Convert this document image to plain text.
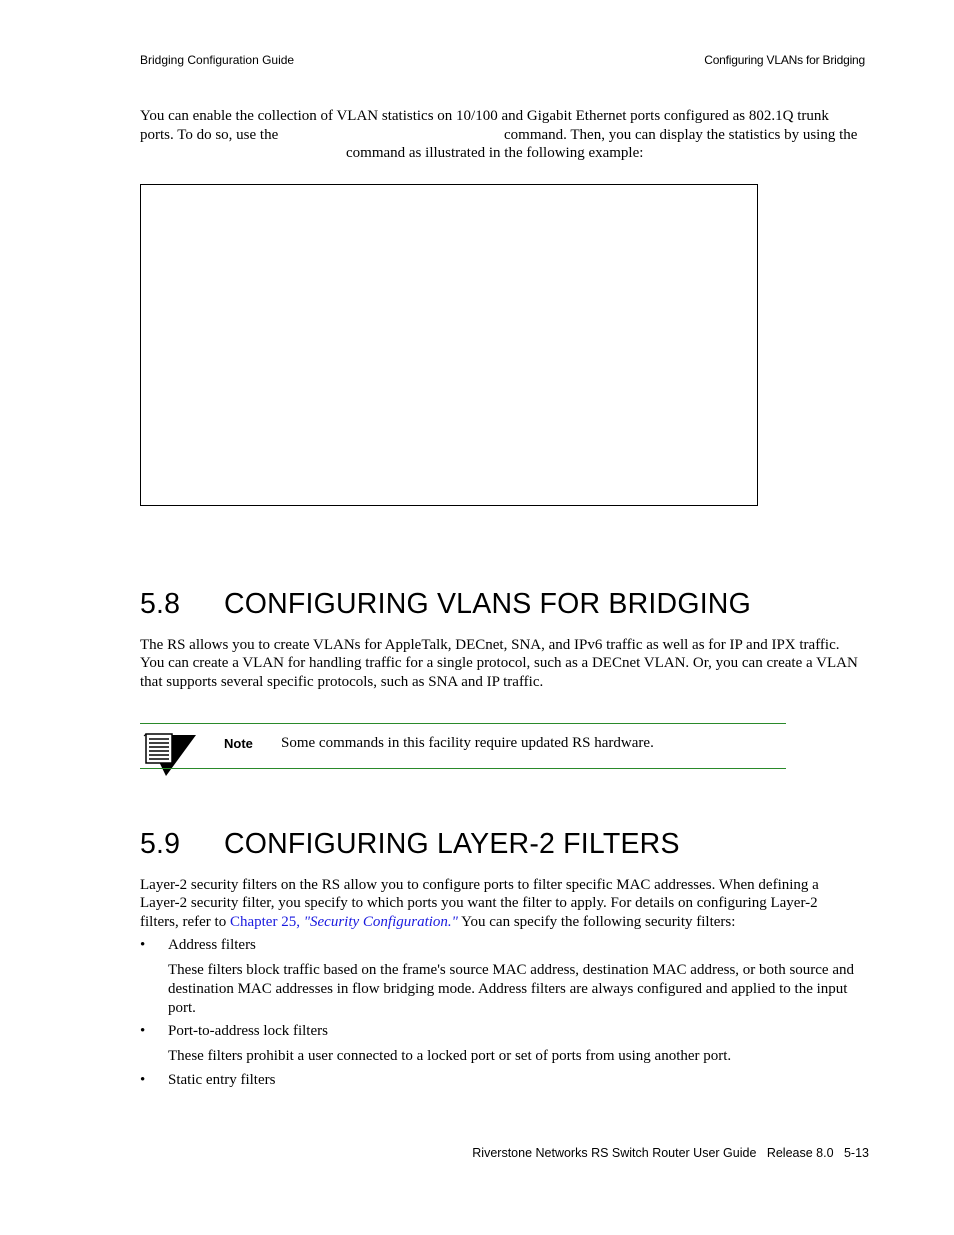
Bridging Configuration Guide	Configuring VLANs for Bridging
You can enable the collection of VLAN statistics on 10/100 and Gigabit Ethernet ports configured as 802.1Q trunk
ports. To do so, use the	command. Then, you can display the statistics by using the
command as illustrated in the following example:
5.8 CONFIGURING VLANS FOR BRIDGING
The RS allows you to create VLANs for AppleTalk, DECnet, SNA, and IPv6 traffic as well as for IP and IPX traffic.
You can create a VLAN for handling traffic for a single protocol, such as a DECnet VLAN. Or, you can create a VLAN
that supports several specific protocols, such as SNA and IP traffic.
Note Some commands in this facility require updated RS hardware.
5.9 CONFIGURING LAYER-2 FILTERS
Layer-2 security filters on the RS allow you to configure ports to filter specific MAC addresses. When defining a
Layer-2 security filter, you specify to which ports you want the filter to apply. For details on configuring Layer-2
filters, refer to Chapter 25, "Security Configuration." You can specify the following security filters:
• Address filters
These filters block traffic based on the frame's source MAC address, destination MAC address, or both source and
destination MAC addresses in flow bridging mode. Address filters are always configured and applied to the input
port.
• Port-to-address lock filters
These filters prohibit a user connected to a locked port or set of ports from using another port.
• Static entry filters
Riverstone Networks RS Switch Router User Guide Release 8.0 5-13
